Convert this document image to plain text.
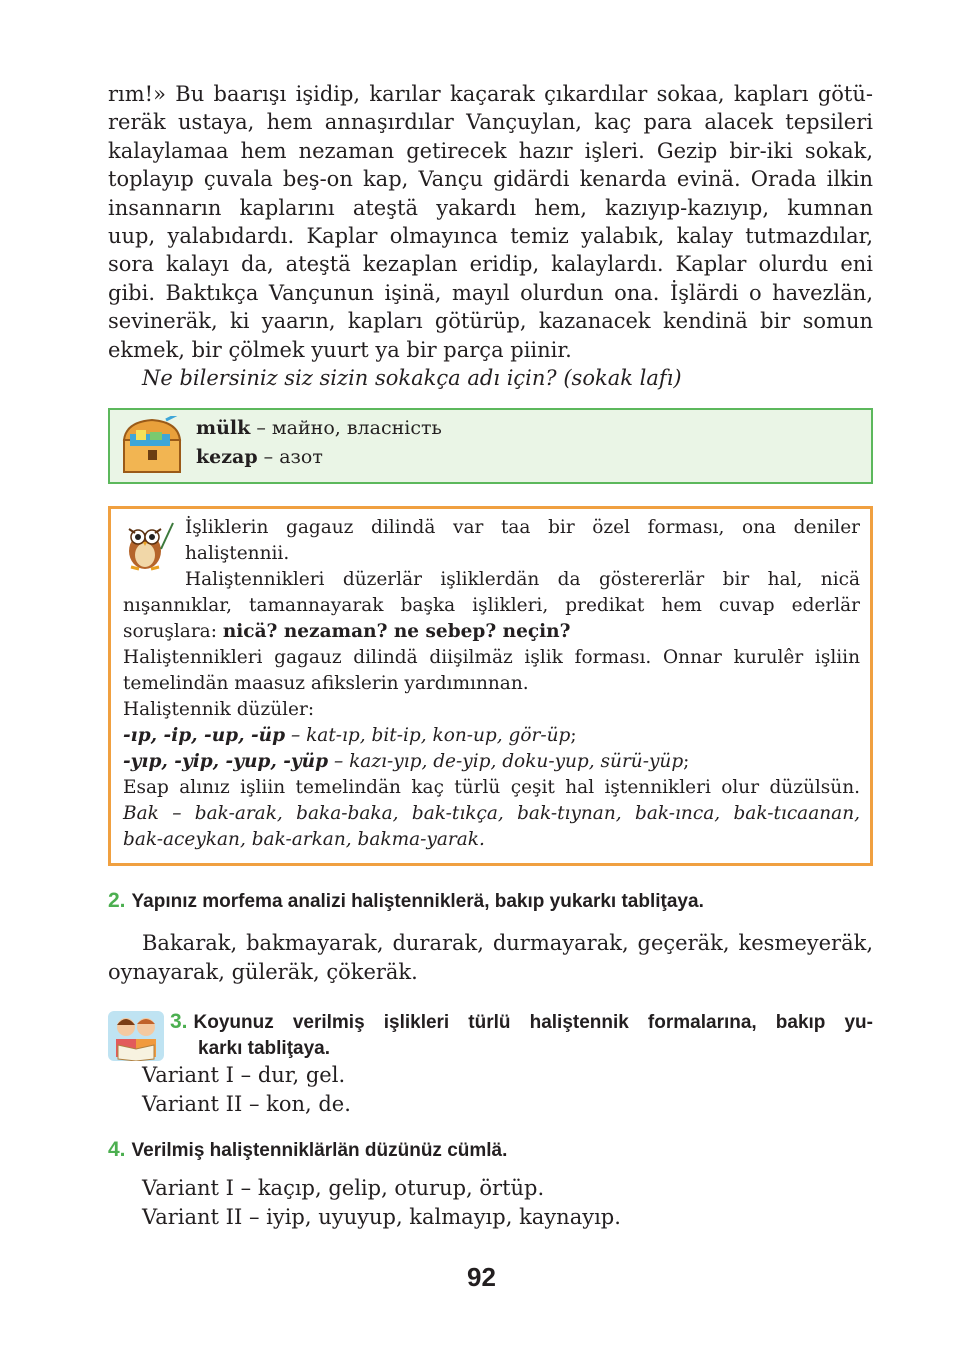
rım!» Bu baarışı işidip, karılar kaçarak çıkardılar sokaa, kapları götü-
reräk ustaya, hem annaşırdılar Vançuylan, kaç para alacek tepsileri
kalaylamaa hem nezaman getirecek hazır işleri. Gezip bir-iki sokak,
toplayıp çuvala beş-on kap, Vançu gidärdi kenarda evinä. Orada ilkin
insannarın kaplarını ateştä yakardı hem, kazıyıp-kazıyıp, kumnan
uup, yalabıdardı. Kaplar olmayınca temiz yalabık, kalay tutmazdılar,
sora kalayı da, ateştä kezaplan eridip, kalaylardı. Kaplar olurdu eni
gibi. Baktıkça Vançunun işinä, mayıl olurdun ona. İşlärdi o havezlän,
sevineräk, ki yaarın, kapları götürüp, kazanacek kendinä bir somun
ekmek, bir çölmek yuurt ya bir parça piinir.

Ne bilersiniz siz sizin sokakça adı için? (sokak lafı)

mülk – майно, власність
kezap – азот
İşliklerin gagauz dilindä var taa bir özel forması, ona deniler
haliştennii.
Haliştennikleri düzerlär işliklerdän da göstererlär bir hal, nicä
nışannıklar, tamannayarak başka işlikleri, predikat hem cuvap ederlär
soruşlara: nicä? nezaman? ne sebep? neçin?
Haliştennikleri gagauz dilindä diişilmäz işlik forması. Onnar kurulêr işliin
temelindän maasuz afikslerin yardımınnan.
Haliştennik düzüler:
-ıp, -ip, -up, -üp – kat-ıp, bit-ip, kon-up, gör-üp;
-yıp, -yip, -yup, -yüp – kazı-yıp, de-yip, doku-yup, sürü-yüp;
Esap alınız işliin temelindän kaç türlü çeşit hal iştennikleri olur düzülsün.
Bak – bak-arak, baka-baka, bak-tıkça, bak-tıynan, bak-ınca, bak-tıcaanan,
bak-aceykan, bak-arkan, bakma-yarak.
2. Yapınız morfema analizi haliştenniklerä, bakıp yukarkı tabliţaya.
Bakarak, bakmayarak, durarak, durmayarak, geçeräk, kesmeyeräk,
oynayarak, güleräk, çökeräk.
3. Koyunuz verilmiş işlikleri türlü haliştennik formalarına, bakıp yu-
karkı tabliţaya.
Variant I – dur, gel.
Variant II – kon, de.
4. Verilmiş haliştenniklärlän düzünüz cümlä.
Variant I – kaçıp, gelip, oturup, örtüp.
Variant II – iyip, uyuyup, kalmayıp, kaynayıp.
92
